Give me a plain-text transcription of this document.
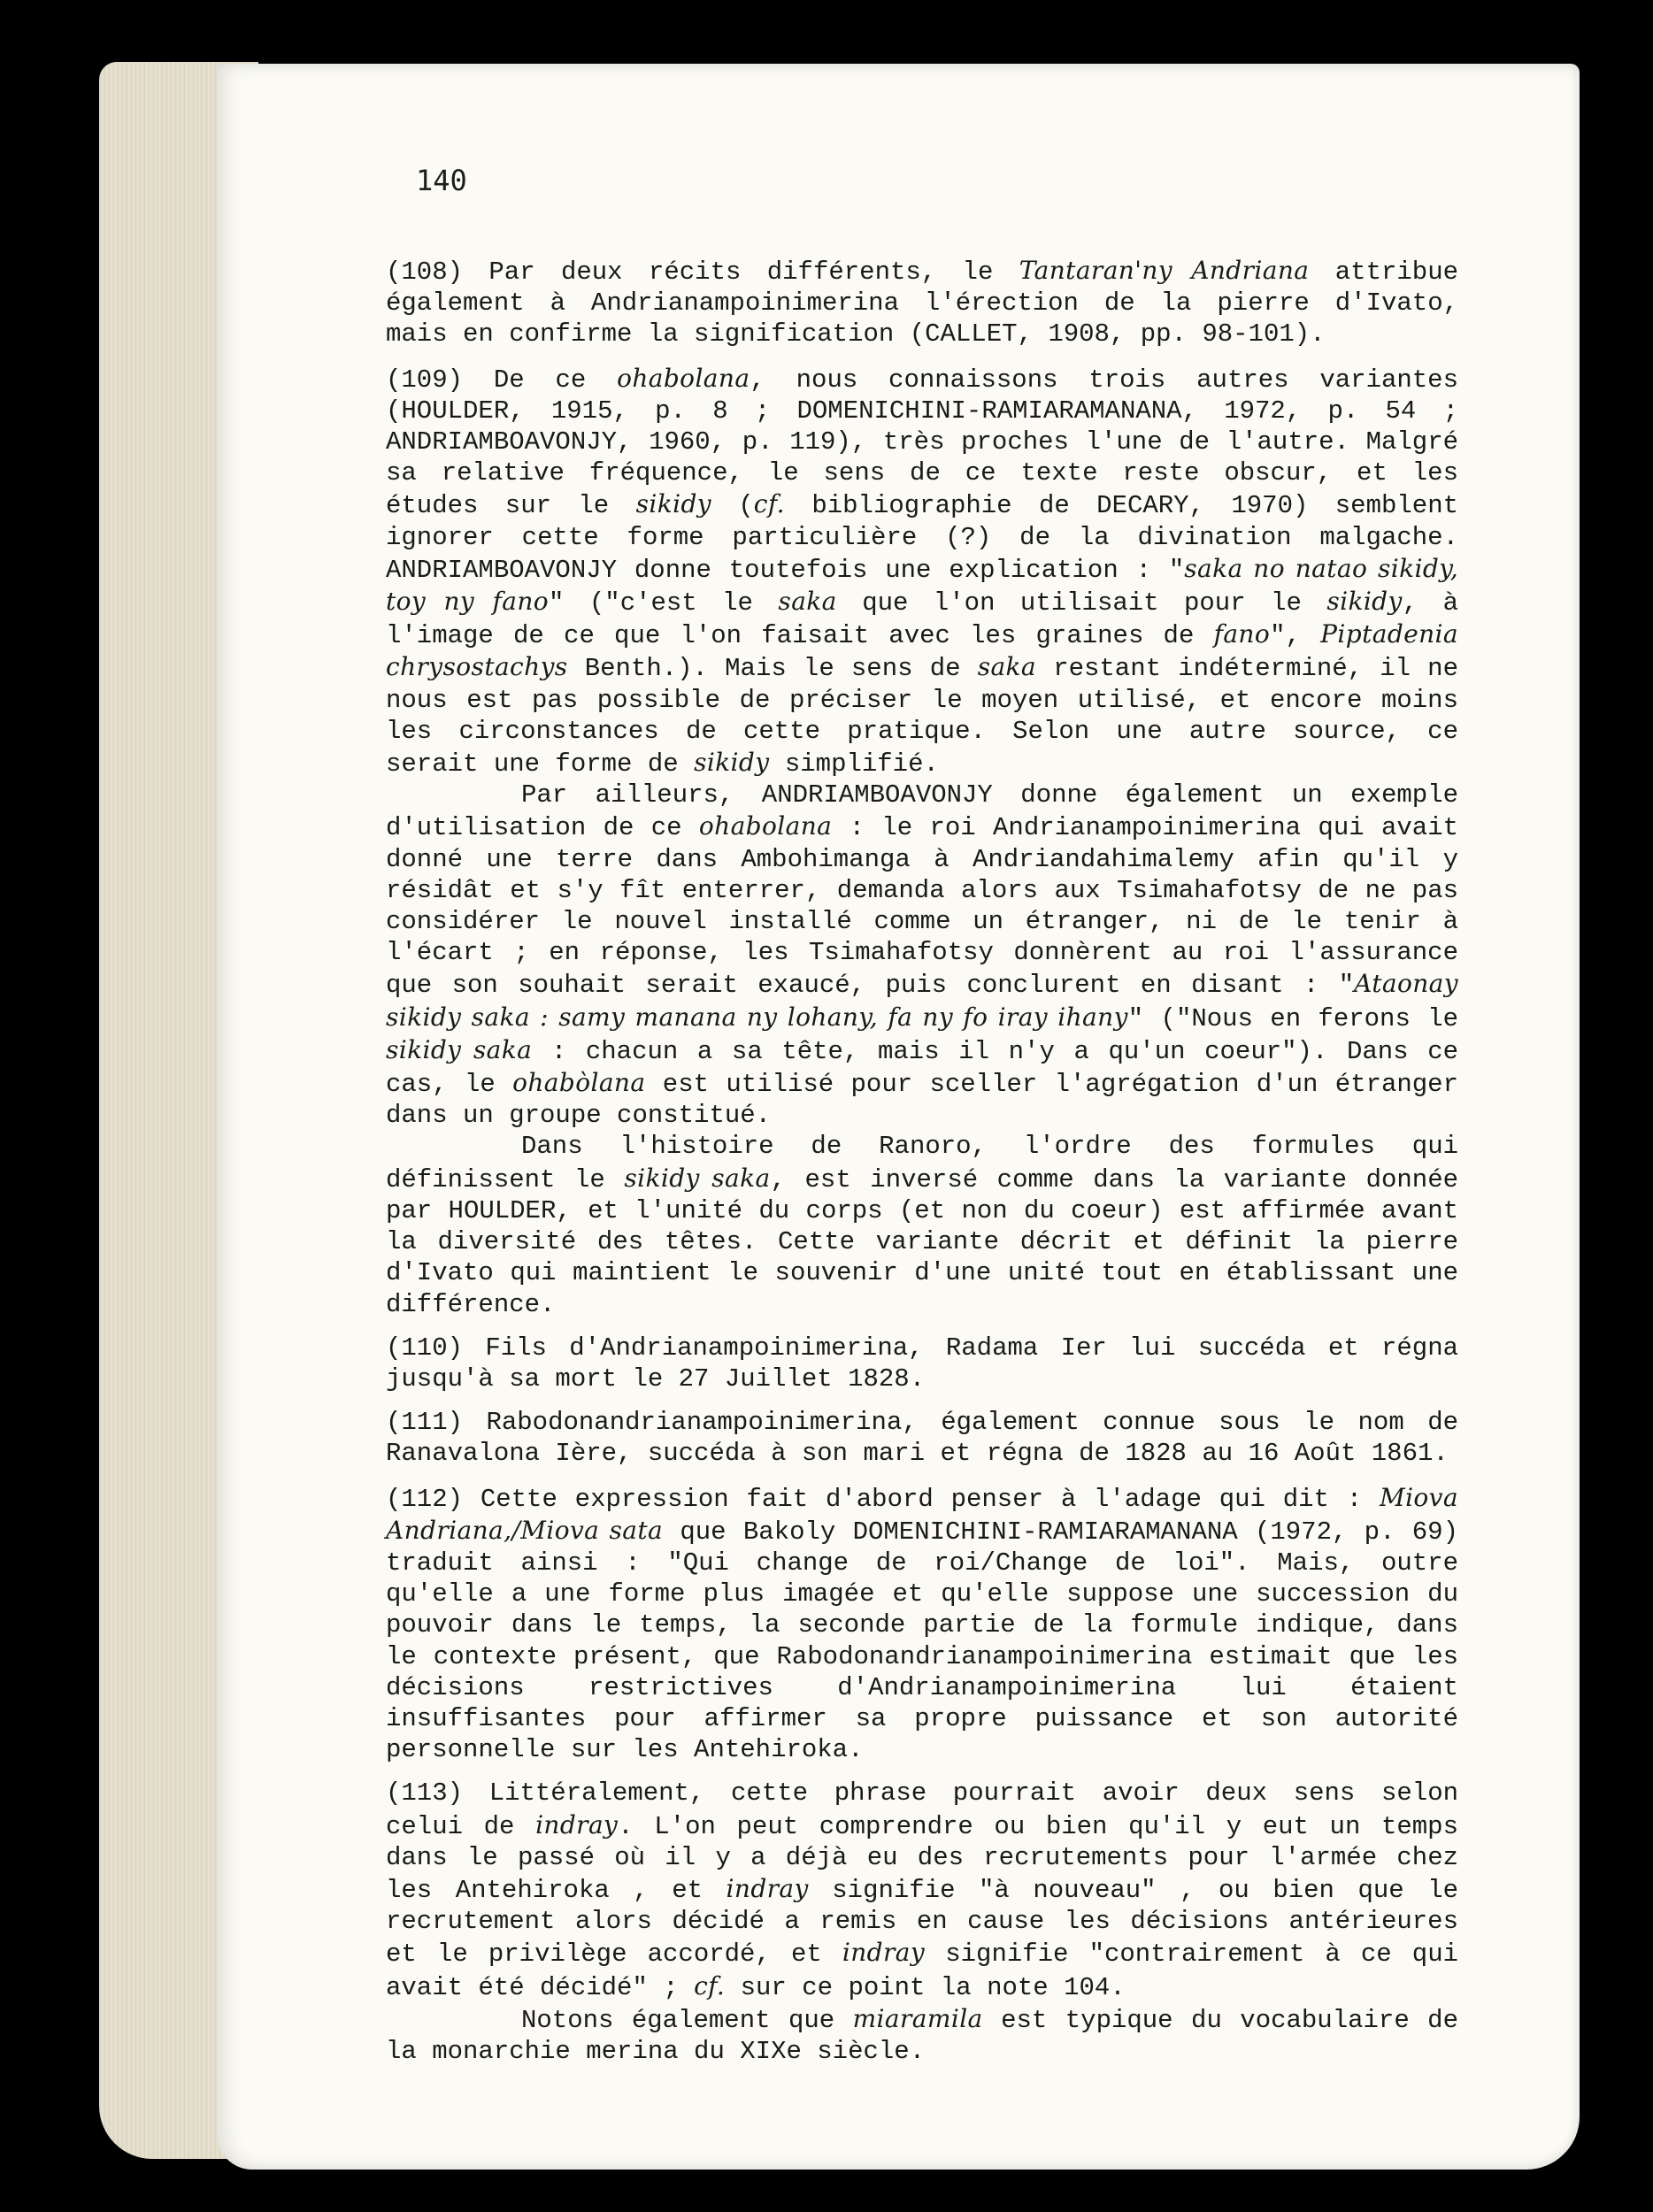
140

(108) Par deux récits différents, le Tantaran'ny Andriana attribue également à Andrianampoinimerina l'érection de la pierre d'Ivato, mais en confirme la signification (CALLET, 1908, pp. 98-101).

(109) De ce ohabolana, nous connaissons trois autres variantes (HOULDER, 1915, p. 8 ; DOMENICHINI-RAMIARAMANANA, 1972, p. 54 ; ANDRIAMBOAVONJY, 1960, p. 119), très proches l'une de l'autre. Malgré sa relative fréquence, le sens de ce texte reste obscur, et les études sur le sikidy (cf. bibliographie de DECARY, 1970) semblent ignorer cette forme particulière (?) de la divination malgache. ANDRIAMBOAVONJY donne toutefois une explication : "saka no natao sikidy, toy ny fano" ("c'est le saka que l'on utilisait pour le sikidy, à l'image de ce que l'on faisait avec les graines de fano", Piptadenia chrysostachys Benth.). Mais le sens de saka restant indéterminé, il ne nous est pas possible de préciser le moyen utilisé, et encore moins les circonstances de cette pratique. Selon une autre source, ce serait une forme de sikidy simplifié.

Par ailleurs, ANDRIAMBOAVONJY donne également un exemple d'utilisation de ce ohabolana : le roi Andrianampoinimerina qui avait donné une terre dans Ambohimanga à Andriandahimalemy afin qu'il y résidât et s'y fît enterrer, demanda alors aux Tsimahafotsy de ne pas considérer le nouvel installé comme un étranger, ni de le tenir à l'écart ; en réponse, les Tsimahafotsy donnèrent au roi l'assurance que son souhait serait exaucé, puis conclurent en disant : "Ataonay sikidy saka : samy manana ny lohany, fa ny fo iray ihany" ("Nous en ferons le sikidy saka : chacun a sa tête, mais il n'y a qu'un coeur"). Dans ce cas, le ohabòlana est utilisé pour sceller l'agrégation d'un étranger dans un groupe constitué.

Dans l'histoire de Ranoro, l'ordre des formules qui définissent le sikidy saka, est inversé comme dans la variante donnée par HOULDER, et l'unité du corps (et non du coeur) est affirmée avant la diversité des têtes. Cette variante décrit et définit la pierre d'Ivato qui maintient le souvenir d'une unité tout en établissant une différence.

(110) Fils d'Andrianampoinimerina, Radama Ier lui succéda et régna jusqu'à sa mort le 27 Juillet 1828.

(111) Rabodonandrianampoinimerina, également connue sous le nom de Ranavalona Ière, succéda à son mari et régna de 1828 au 16 Août 1861.

(112) Cette expression fait d'abord penser à l'adage qui dit : Miova Andriana,/Miova sata que Bakoly DOMENICHINI-RAMIARAMANANA (1972, p. 69) traduit ainsi : "Qui change de roi/Change de loi". Mais, outre qu'elle a une forme plus imagée et qu'elle suppose une succession du pouvoir dans le temps, la seconde partie de la formule indique, dans le contexte présent, que Rabodonandrianampoinimerina estimait que les décisions restrictives d'Andrianampoinimerina lui étaient insuffisantes pour affirmer sa propre puissance et son autorité personnelle sur les Antehiroka.

(113) Littéralement, cette phrase pourrait avoir deux sens selon celui de indray. L'on peut comprendre ou bien qu'il y eut un temps dans le passé où il y a déjà eu des recrutements pour l'armée chez les Antehiroka , et indray signifie "à nouveau" , ou bien que le recrutement alors décidé a remis en cause les décisions antérieures et le privilège accordé, et indray signifie "contrairement à ce qui avait été décidé" ; cf. sur ce point la note 104.

Notons également que miaramila est typique du vocabulaire de la monarchie merina du XIXe siècle.
